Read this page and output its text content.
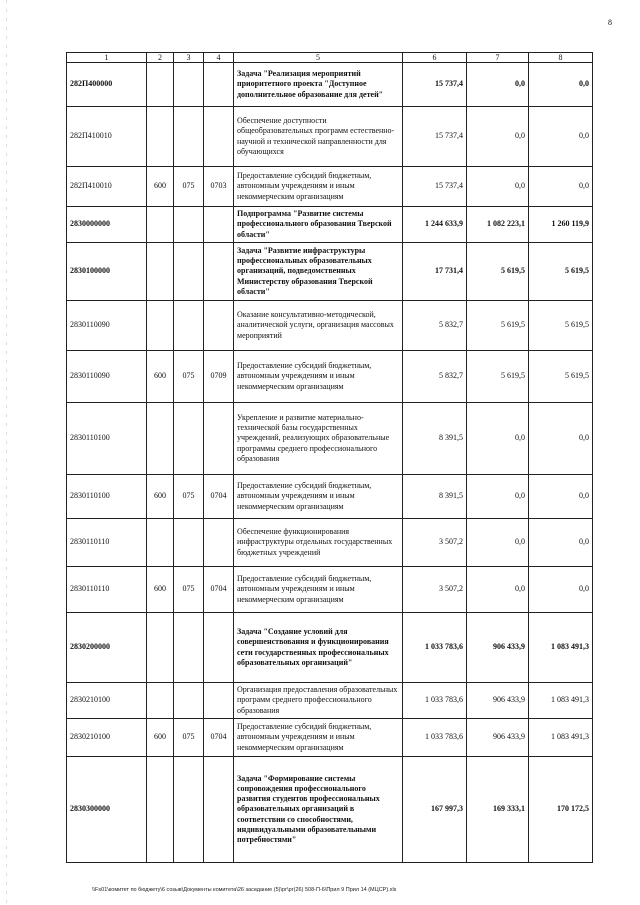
8
1	2	3	4	5	6	7	8
282П400000				Задача "Реализация мероприятий приоритетного проекта "Доступное дополнительное образование для детей"	15 737,4	0,0	0,0
282П410010				Обеспечение доступности общеобразовательных программ естественно-научной и технической направленности для обучающихся	15 737,4	0,0	0,0
282П410010	600	075	0703	Предоставление субсидий бюджетным, автономным учреждениям и иным некоммерческим организациям	15 737,4	0,0	0,0
2830000000				Подпрограмма "Развитие системы профессионального образования Тверской области"	1 244 633,9	1 082 223,1	1 260 119,9
2830100000				Задача "Развитие инфраструктуры профессиональных образовательных организаций, подведомственных Министерству образования Тверской области"	17 731,4	5 619,5	5 619,5
2830110090				Оказание консультативно-методической, аналитической услуги, организация массовых мероприятий	5 832,7	5 619,5	5 619,5
2830110090	600	075	0709	Предоставление субсидий бюджетным, автономным учреждениям и иным некоммерческим организациям	5 832,7	5 619,5	5 619,5
2830110100				Укрепление и развитие материально-технической базы государственных учреждений, реализующих образовательные программы среднего профессионального образования	8 391,5	0,0	0,0
2830110100	600	075	0704	Предоставление субсидий бюджетным, автономным учреждениям и иным некоммерческим организациям	8 391,5	0,0	0,0
2830110110				Обеспечение функционирования инфраструктуры отдельных государственных бюджетных учреждений	3 507,2	0,0	0,0
2830110110	600	075	0704	Предоставление субсидий бюджетным, автономным учреждениям и иным некоммерческим организациям	3 507,2	0,0	0,0
2830200000				Задача "Создание условий для совершенствования и функционирования сети государственных профессиональных образовательных организаций"	1 033 783,6	906 433,9	1 083 491,3
2830210100				Организация предоставления образовательных программ среднего профессионального образования	1 033 783,6	906 433,9	1 083 491,3
2830210100	600	075	0704	Предоставление субсидий бюджетным, автономным учреждениям и иным некоммерческим организациям	1 033 783,6	906 433,9	1 083 491,3
2830300000				Задача "Формирование системы сопровождения профессионального развития студентов профессиональных образовательных организаций в соответствии со способностями, индивидуальными образовательными потребностями"	167 997,3	169 333,1	170 172,5
\\Fs01\комитет по бюджету\6 созыв\Документы комитета\26 заседание (5)\рг\рг(26) 508-П-6\Прил 9 Прил 14 (МЦСР).xls
